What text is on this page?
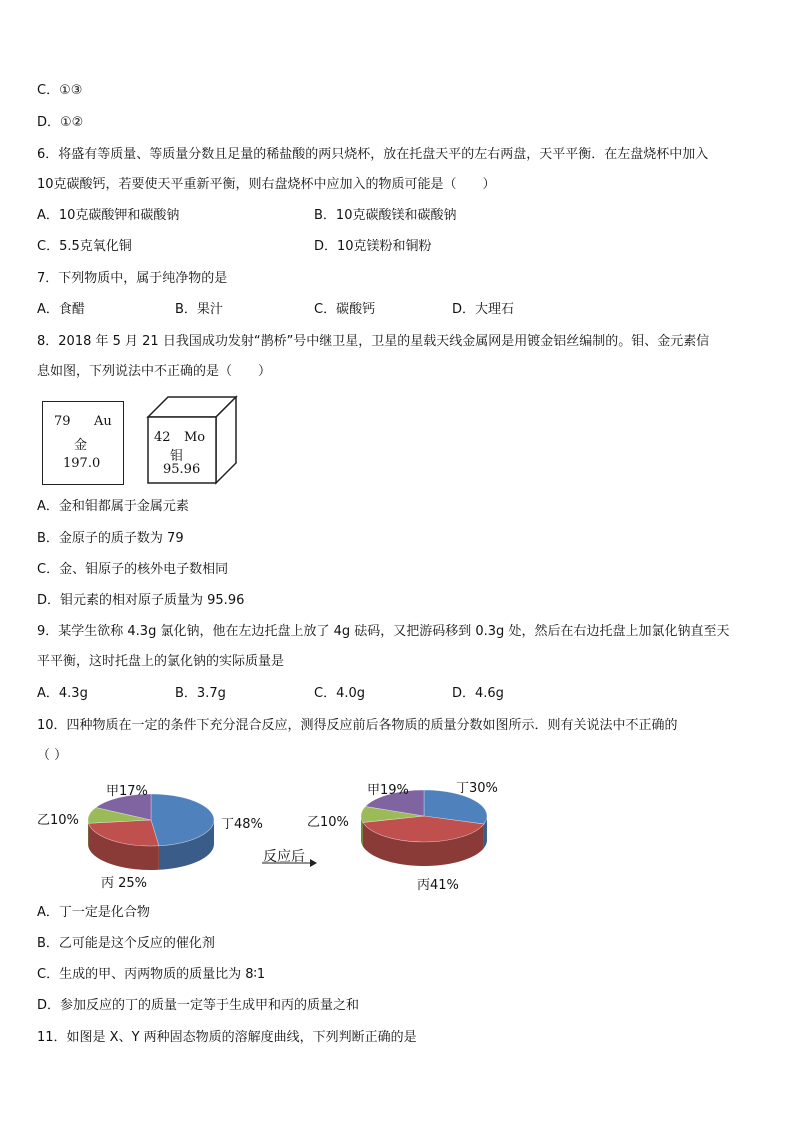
C．①③
D．①②
6．将盛有等质量、等质量分数且足量的稀盐酸的两只烧杯，放在托盘天平的左右两盘，天平平衡．在左盘烧杯中加入
10克碳酸钙，若要使天平重新平衡，则右盘烧杯中应加入的物质可能是（　　）
A．10克碳酸钾和碳酸钠	B．10克碳酸镁和碳酸钠
C．5.5克氧化铜	D．10克镁粉和铜粉
7．下列物质中，属于纯净物的是
A．食醋	B．果汁	C．碳酸钙	D．大理石
8．2018 年 5 月 21 日我国成功发射“鹊桥”号中继卫星，卫星的星载天线金属网是用镀金铝丝编制的。钼、金元素信
息如图，下列说法中不正确的是（　　）
79 Au
金
197.0
42 Mo
钼
95.96
A．金和钼都属于金属元素
B．金原子的质子数为 79
C．金、钼原子的核外电子数相同
D．钼元素的相对原子质量为 95.96
9．某学生欲称 4.3g 氯化钠，他在左边托盘上放了 4g 砝码，又把游码移到 0.3g 处，然后在右边托盘上加氯化钠直至天
平平衡，这时托盘上的氯化钠的实际质量是
A．4.3g	B．3.7g	C．4.0g	D．4.6g
10．四种物质在一定的条件下充分混合反应，测得反应前后各物质的质量分数如图所示．则有关说法中不正确的
（ ）
甲17%
乙10%	丁48%
丙 25%
反应后
甲19%	丁30%
乙10%
丙41%
A．丁一定是化合物
B．乙可能是这个反应的催化剂
C．生成的甲、丙两物质的质量比为 8∶1
D．参加反应的丁的质量一定等于生成甲和丙的质量之和
11．如图是 X、Y 两种固态物质的溶解度曲线，下列判断正确的是
